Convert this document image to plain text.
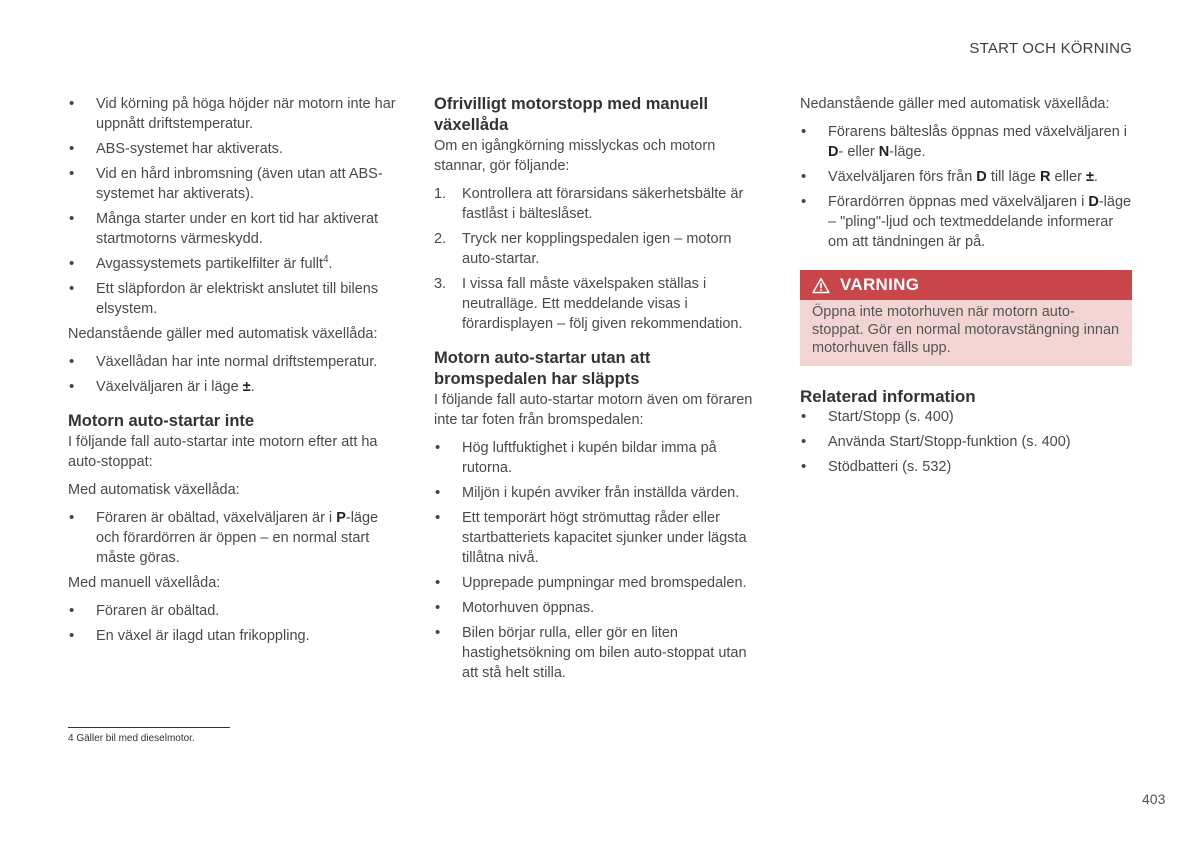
START OCH KÖRNING
• Vid körning på höga höjder när motorn inte har uppnått driftstemperatur.
• ABS-systemet har aktiverats.
• Vid en hård inbromsning (även utan att ABS-systemet har aktiverats).
• Många starter under en kort tid har aktiverat startmotorns värmeskydd.
• Avgassystemets partikelfilter är fullt$^4$.
• Ett släpfordon är elektriskt anslutet till bilens elsystem.

Nedanstående gäller med automatisk växellåda:

• Växellådan har inte normal driftstemperatur.
• Växelväljaren är i läge ±.
Motorn auto-startar inte

I följande fall auto-startar inte motorn efter att ha auto-stoppat:

Med automatisk växellåda:

• Föraren är obältad, växelväljaren är i P-läge och förardörren är öppen – en normal start måste göras.

Med manuell växellåda:

• Föraren är obältad.
• En växel är ilagd utan frikoppling.
Ofrivilligt motorstopp med manuell växellåda

Om en igångkörning misslyckas och motorn stannar, gör följande:

1. Kontrollera att förarsidans säkerhetsbälte är fastlåst i bälteslåset.
2. Tryck ner kopplingspedalen igen – motorn auto-startar.
3. I vissa fall måste växelspaken ställas i neutralläge. Ett meddelande visas i förardisplayen – följ given rekommendation.
Motorn auto-startar utan att bromspedalen har släppts

I följande fall auto-startar motorn även om föraren inte tar foten från bromspedalen:

• Hög luftfuktighet i kupén bildar imma på rutorna.
• Miljön i kupén avviker från inställda värden.
• Ett temporärt högt strömuttag råder eller startbatteriets kapacitet sjunker under lägsta tillåtna nivå.
• Upprepade pumpningar med bromspedalen.
• Motorhuven öppnas.
• Bilen börjar rulla, eller gör en liten hastighetsökning om bilen auto-stoppat utan att stå helt stilla.

Nedanstående gäller med automatisk växellåda:

• Förarens bälteslås öppnas med växelväljaren i D- eller N-läge.
• Växelväljaren förs från D till läge R eller ±.
• Förardörren öppnas med växelväljaren i D-läge – "pling"-ljud och textmeddelande informerar om att tändningen är på.
VARNING
Öppna inte motorhuven när motorn auto-stoppat. Gör en normal motoravstängning innan motorhuven fälls upp.
Relaterad information
• Start/Stopp (s. 400)
• Använda Start/Stopp-funktion (s. 400)
• Stödbatteri (s. 532)
4 Gäller bil med dieselmotor.
403
